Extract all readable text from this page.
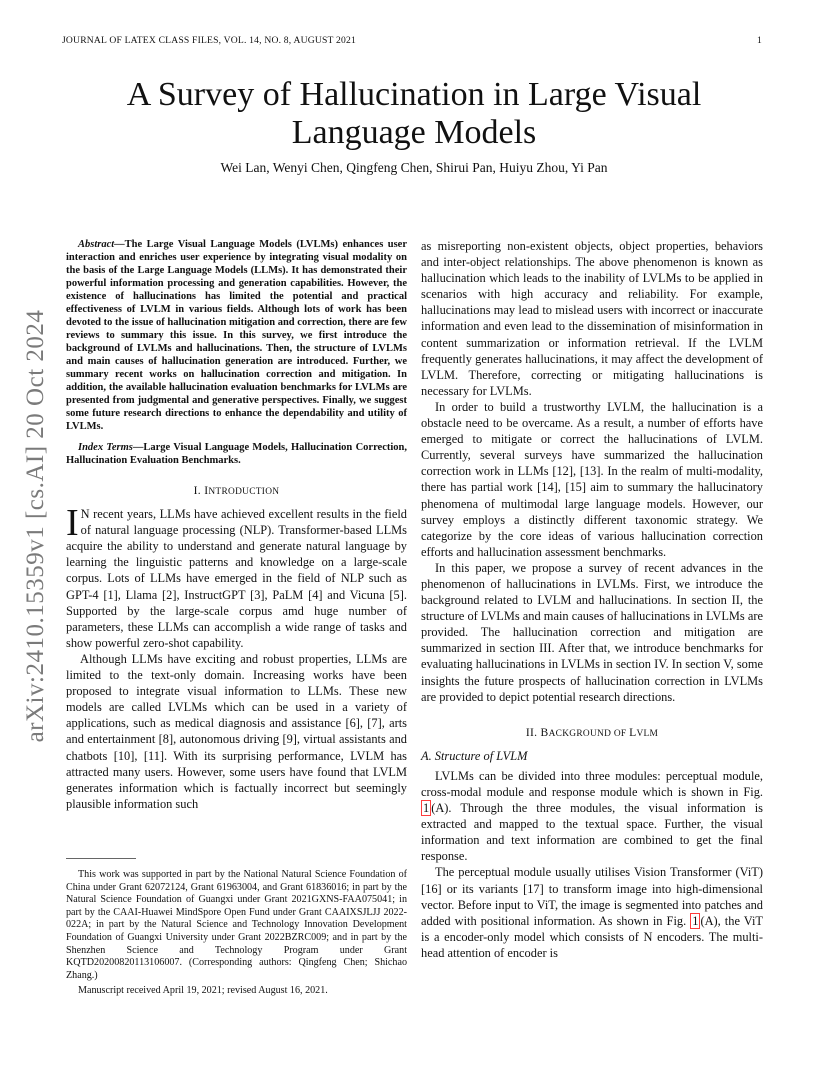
JOURNAL OF LATEX CLASS FILES, VOL. 14, NO. 8, AUGUST 2021	1
A Survey of Hallucination in Large Visual Language Models
Wei Lan, Wenyi Chen, Qingfeng Chen, Shirui Pan, Huiyu Zhou, Yi Pan
arXiv:2410.15359v1 [cs.AI] 20 Oct 2024

Abstract—The Large Visual Language Models (LVLMs) enhances user interaction and enriches user experience by integrating visual modality on the basis of the Large Language Models (LLMs). It has demonstrated their powerful information processing and generation capabilities. However, the existence of hallucinations has limited the potential and practical effectiveness of LVLM in various fields. Although lots of work has been devoted to the issue of hallucination mitigation and correction, there are few reviews to summary this issue. In this survey, we first introduce the background of LVLMs and hallucinations. Then, the structure of LVLMs and main causes of hallucination generation are introduced. Further, we summary recent works on hallucination correction and mitigation. In addition, the available hallucination evaluation benchmarks for LVLMs are presented from judgmental and generative perspectives. Finally, we suggest some future research directions to enhance the dependability and utility of LVLMs.

Index Terms—Large Visual Language Models, Hallucination Correction, Hallucination Evaluation Benchmarks.

I. INTRODUCTION

I N recent years, LLMs have achieved excellent results in the field of natural language processing (NLP). Transformer-based LLMs acquire the ability to understand and generate natural language by learning the linguistic patterns and knowledge on a large-scale corpus. Lots of LLMs have emerged in the field of NLP such as GPT-4 [1], Llama [2], InstructGPT [3], PaLM [4] and Vicuna [5]. Supported by the large-scale corpus amd huge number of parameters, these LLMs can accomplish a wide range of tasks and show powerful zero-shot capability.

Although LLMs have exciting and robust properties, LLMs are limited to the text-only domain. Increasing works have been proposed to integrate visual information to LLMs. These new models are called LVLMs which can be used in a variety of applications, such as medical diagnosis and assistance [6], [7], arts and entertainment [8], autonomous driving [9], virtual assistants and chatbots [10], [11]. With its surprising performance, LVLM has attracted many users. However, some users have found that LVLM generates information which is factually incorrect but seemingly plausible information such

This work was supported in part by the National Natural Science Foundation of China under Grant 62072124, Grant 61963004, and Grant 61836016; in part by the Natural Science Foundation of Guangxi under Grant 2021GXNS-FAA075041; in part by the CAAI-Huawei MindSpore Open Fund under Grant CAAIXSJLJJ 2022-022A; in part by the Natural Science and Technology Innovation Development Foundation of Guangxi University under Grant 2022BZRC009; and in part by the Shenzhen Science and Technology Program under Grant KQTD20200820113106007. (Corresponding authors: Qingfeng Chen; Shichao Zhang.)

Manuscript received April 19, 2021; revised August 16, 2021.

as misreporting non-existent objects, object properties, behaviors and inter-object relationships. The above phenomenon is known as hallucination which leads to the inability of LVLMs to be applied in scenarios with high accuracy and reliability. For example, hallucinations may lead to mislead users with incorrect or inaccurate information and even lead to the dissemination of misinformation in content summarization or information retrieval. If the LVLM frequently generates hallucinations, it may affect the development of LVLM. Therefore, correcting or mitigating hallucinations is necessary for LVLMs.

In order to build a trustworthy LVLM, the hallucination is a obstacle need to be overcame. As a result, a number of efforts have emerged to mitigate or correct the hallucinations of LVLM. Currently, several surveys have summarized the hallucination correction work in LLMs [12], [13]. In the realm of multi-modality, there has partial work [14], [15] aim to summary the hallucinatory phenomena of multimodal large language models. However, our survey employs a distinctly different taxonomic strategy. We categorize by the core ideas of various hallucination correction efforts and hallucination assessment benchmarks.

In this paper, we propose a survey of recent advances in the phenomenon of hallucinations in LVLMs. First, we introduce the background related to LVLM and hallucinations. In section II, the structure of LVLMs and main causes of hallucinations in LVLMs are provided. The hallucination correction and mitigation are summarized in section III. After that, we introduce benchmarks for evaluating hallucinations in LVLMs in section IV. In section V, some insights the future prospects of hallucination correction in LVLMs are provided to depict potential research directions.

II. BACKGROUND OF LVLM
A. Structure of LVLM

LVLMs can be divided into three modules: perceptual module, cross-modal module and response module which is shown in Fig. 1 (A). Through the three modules, the visual information is extracted and mapped to the textual space. Further, the visual information and text information are combined to get the final response.

The perceptual module usually utilises Vision Transformer (ViT) [16] or its variants [17] to transform image into high-dimensional vector. Before input to ViT, the image is segmented into patches and added with positional information. As shown in Fig. 1 (A), the ViT is a encoder-only model which consists of N encoders. The multi-head attention of encoder is
